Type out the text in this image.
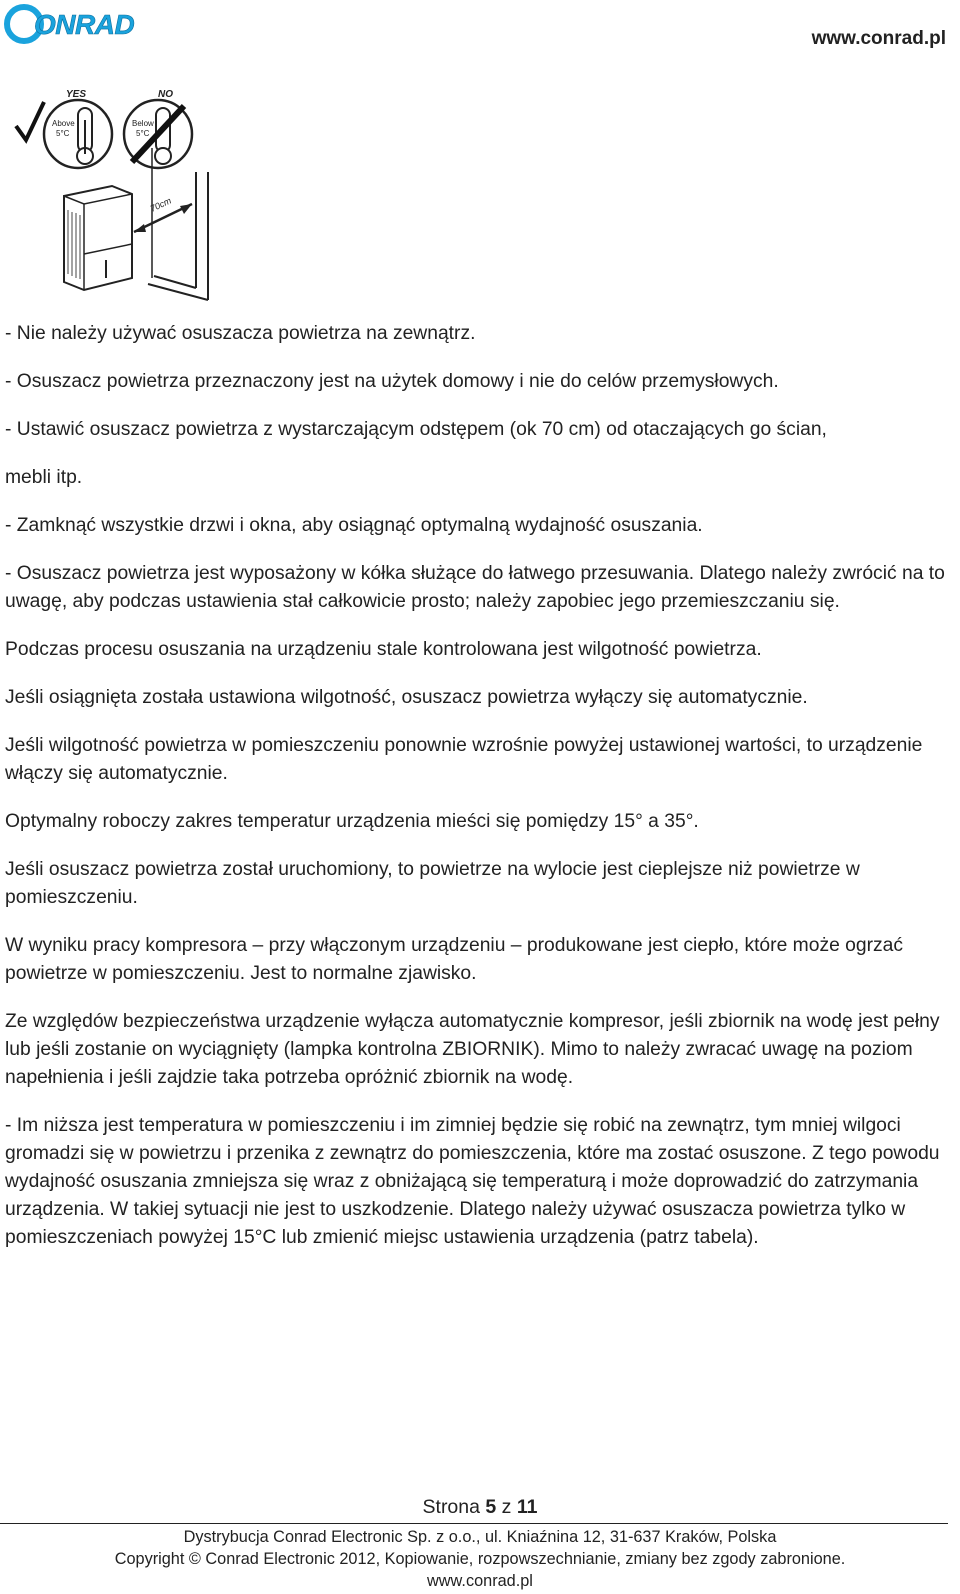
ONRAD	www.conrad.pl
YES	NO
Above
5°C
Below
5°C
70cm

- Nie należy używać osuszacza powietrza na zewnątrz.

- Osuszacz powietrza przeznaczony jest na użytek domowy i nie do celów przemysłowych.

- Ustawić osuszacz powietrza z wystarczającym odstępem (ok 70 cm) od otaczających go ścian,

mebli itp.

- Zamknąć wszystkie drzwi i okna, aby osiągnąć optymalną wydajność osuszania.

- Osuszacz powietrza jest wyposażony w kółka służące do łatwego przesuwania. Dlatego należy zwrócić na to uwagę, aby podczas ustawienia stał całkowicie prosto; należy zapobiec jego przemieszczaniu się.

Podczas procesu osuszania na urządzeniu stale kontrolowana jest wilgotność powietrza.

Jeśli osiągnięta została ustawiona wilgotność, osuszacz powietrza wyłączy się automatycznie.

Jeśli wilgotność powietrza w pomieszczeniu ponownie wzrośnie powyżej ustawionej wartości, to urządzenie włączy się automatycznie.

Optymalny roboczy zakres temperatur urządzenia mieści się pomiędzy 15° a 35°.

Jeśli osuszacz powietrza został uruchomiony, to powietrze na wylocie jest cieplejsze niż powietrze w pomieszczeniu.

W wyniku pracy kompresora – przy włączonym urządzeniu – produkowane jest ciepło, które może ogrzać powietrze w pomieszczeniu. Jest to normalne zjawisko.

Ze względów bezpieczeństwa urządzenie wyłącza automatycznie kompresor, jeśli zbiornik na wodę jest pełny lub jeśli zostanie on wyciągnięty (lampka kontrolna ZBIORNIK). Mimo to należy zwracać uwagę na poziom napełnienia i jeśli zajdzie taka potrzeba opróżnić zbiornik na wodę.

- Im niższa jest temperatura w pomieszczeniu i im zimniej będzie się robić na zewnątrz, tym mniej wilgoci gromadzi się w powietrzu i przenika z zewnątrz do pomieszczenia, które ma zostać osuszone. Z tego powodu wydajność osuszania zmniejsza się wraz z obniżającą się temperaturą i może doprowadzić do zatrzymania urządzenia. W takiej sytuacji nie jest to uszkodzenie. Dlatego należy używać osuszacza powietrza tylko w pomieszczeniach powyżej 15°C lub zmienić miejsc ustawienia urządzenia (patrz tabela).

Strona 5 z 11
Dystrybucja Conrad Electronic Sp. z o.o., ul. Kniaźnina 12, 31-637 Kraków, Polska
Copyright © Conrad Electronic 2012, Kopiowanie, rozpowszechnianie, zmiany bez zgody zabronione.
www.conrad.pl
